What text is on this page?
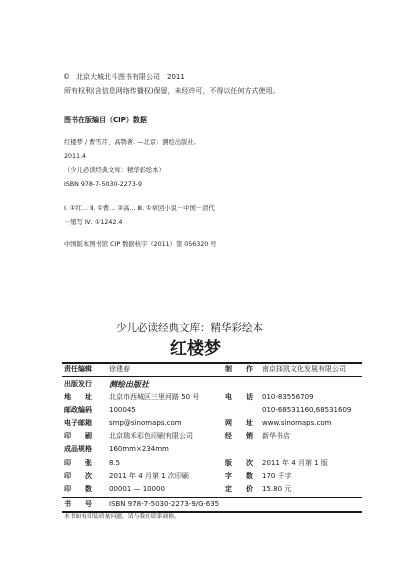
© 北京大城北斗图书有限公司　2011
所有权利(含信息网络传播权)保留，未经许可，不得以任何方式使用。
图书在版编目（CIP）数据
红楼梦 / 曹雪芹、高鹗著. —北京：测绘出版社,
2011.4
（少儿必读经典文库：精华彩绘本）
ISBN 978-7-5030-2273-9
Ⅰ. ①红… Ⅱ. ①曹… ②高… Ⅲ. ①章回小说－中国－清代
－缩写 Ⅳ. ①1242.4
中国版本图书馆 CIP 数据核字（2011）第 056320 号
少儿必读经典文库：精华彩绘本
红楼梦
责任编辑 徐建春	制　　作 南京择凯文化发展有限公司
出版发行 测绘出版社
地　　址 北京市西城区三里河路 50 号	电　　话 010-83556709
邮政编码 100045	010-68531160,68531609
电子邮箱 smp@sinomaps.com	网　　址 www.sinomaps.com
印　　刷 北京瑞禾彩色印刷有限公司	经　　销 新华书店
成品规格 160mm×234mm
印　　张 8.5	版　　次 2011 年 4 月第 1 版
印　　次 2011 年 4 月第 1 次印刷	字　　数 170 千字
印　　数 00001 — 10000	定　　价 15.80 元
书　　号 ISBN 978-7-5030-2273-9/G·635
本书如有印装质量问题，请与我社联系调换。
